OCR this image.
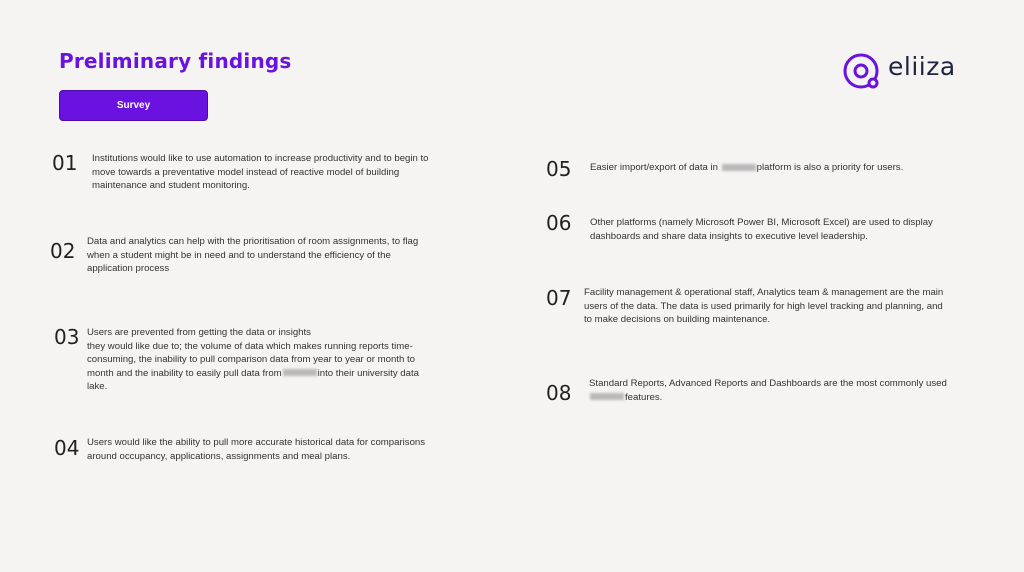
Preliminary findings
Survey
eliiza
01 Institutions would like to use automation to increase productivity and to begin to move towards a preventative model instead of reactive model of building maintenance and student monitoring.
02 Data and analytics can help with the prioritisation of room assignments, to flag when a student might be in need and to understand the efficiency of the application process
03 Users are prevented from getting the data or insights
they would like due to; the volume of data which makes running reports time-consuming, the inability to pull comparison data from year to year or month to month and the inability to easily pull data from	into their university data lake.
04 Users would like the ability to pull more accurate historical data for comparisons around occupancy, applications, assignments and meal plans.
05 Easier import/export of data in	platform is also a priority for users.
06 Other platforms (namely Microsoft Power BI, Microsoft Excel) are used to display dashboards and share data insights to executive level leadership.
07 Facility management & operational staff, Analytics team & management are the main users of the data. The data is used primarily for high level tracking and planning, and to make decisions on building maintenance.
08 Standard Reports, Advanced Reports and Dashboards are the most commonly usedfeatures.
